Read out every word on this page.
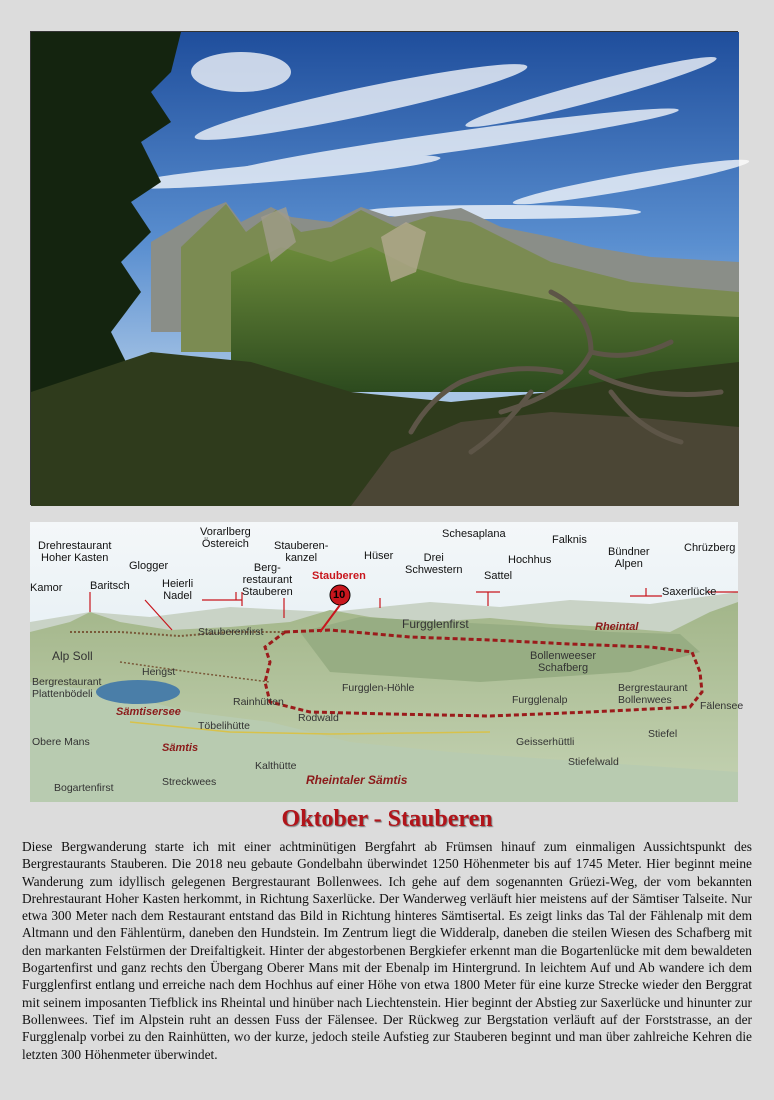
Kamor
Drehrestaurant
Hoher Kasten
Baritsch
Glogger
Heierli
Nadel
Vorarlberg
Östereich
Berg-
restaurant
Stauberen
Stauberen-
kanzel	Hüser	Drei
Schwestern
Schesaplana
Sattel
Hochhus
Falknis
Bündner
Alpen
Chrüzberg
Saxerlücke
Stauberen
10
Stauberenfirst
Furgglenfirst	Rheintal
Alp Soll
Hengst
Bollenweeser
Schafberg
Bergrestaurant
Plattenbödeli
Rainhütten
Furgglen-Höhle
Furgglenalp
Bergrestaurant
Bollenwees	Fälensee
Sämtisersee
Töbelihütte
Rodwald
Obere Mans	Sämtis	Geisserhüttli
Stiefel
Kalthütte	Stiefelwald
Streckwees
Bogartenfirst
Rheintaler Sämtis
Oktober - Stauberen
Diese Bergwanderung starte ich mit einer achtminütigen Bergfahrt ab Frümsen hinauf zum einmaligen Aussichtspunkt des Bergrestaurants Stauberen. Die 2018 neu gebaute Gondelbahn überwindet 1250 Höhenmeter bis auf 1745 Meter. Hier beginnt meine Wanderung zum idyllisch gelegenen Bergrestaurant Bollenwees. Ich gehe auf dem sogenannten Grüezi-Weg, der vom bekannten Drehrestaurant Hoher Kasten herkommt, in Richtung Saxerlücke. Der Wanderweg verläuft hier meistens auf der Sämtiser Talseite. Nur etwa 300 Meter nach dem Restaurant entstand das Bild in Richtung hinteres Sämtisertal. Es zeigt links das Tal der Fählenalp mit dem Altmann und den Fählentürm, daneben den Hundstein. Im Zentrum liegt die Widderalp, daneben die steilen Wiesen des Schafberg mit den markanten Felstürmen der Dreifaltigkeit. Hinter der abgestorbenen Bergkiefer erkennt man die Bogartenlücke mit dem bewaldeten Bogartenfirst und ganz rechts den Übergang Oberer Mans mit der Ebenalp im Hintergrund. In leichtem Auf und Ab wandere ich dem Furgglenfirst entlang und erreiche nach dem Hochhus auf einer Höhe von etwa 1800 Meter für eine kurze Strecke wieder den Berggrat mit seinem imposanten Tiefblick ins Rheintal und hinüber nach Liechtenstein. Hier beginnt der Abstieg zur Saxerlücke und hinunter zur Bollenwees. Tief im Alpstein ruht an dessen Fuss der Fälensee. Der Rückweg zur Bergstation verläuft auf der Forststrasse, an der Furgglenalp vorbei zu den Rainhütten, wo der kurze, jedoch steile Aufstieg zur Stauberen beginnt und man über zahlreiche Kehren die letzten 300 Höhenmeter überwindet.
